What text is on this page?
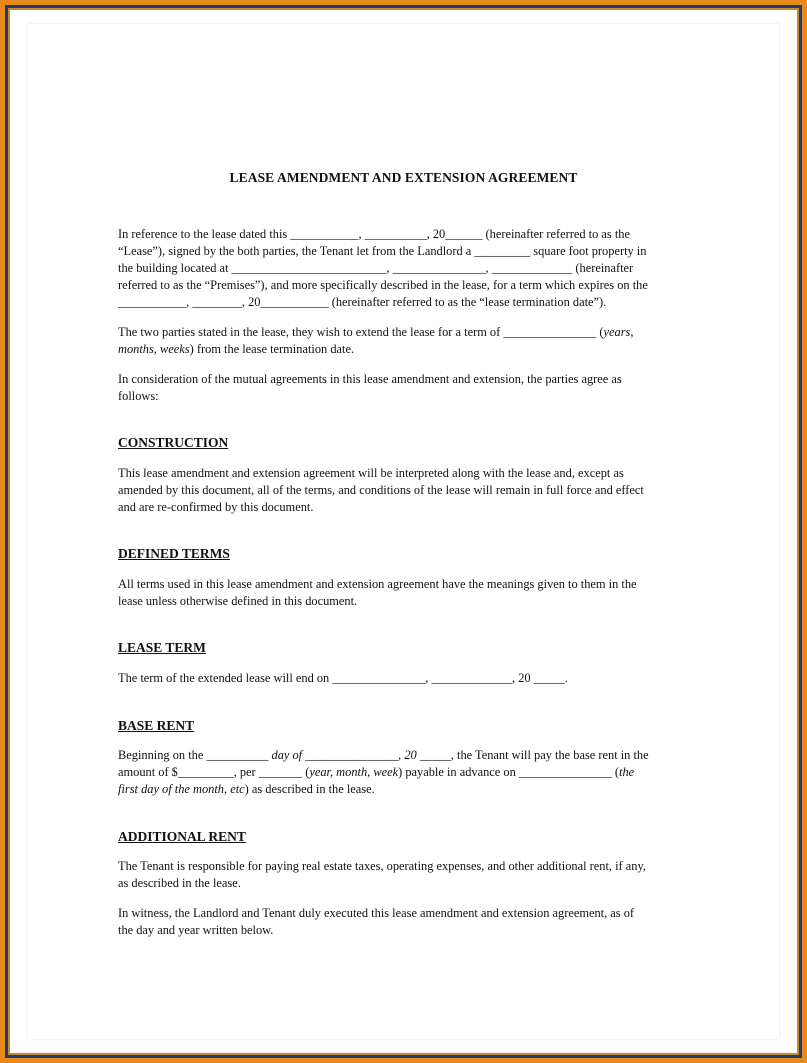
LEASE AMENDMENT AND EXTENSION AGREEMENT
In reference to the lease dated this ___________, __________, 20______ (hereinafter referred to as the
“Lease”), signed by the both parties, the Tenant let from the Landlord a _________ square foot property in
the building located at _________________________, _______________, _____________ (hereinafter
referred to as the “Premises”), and more specifically described in the lease, for a term which expires on the
___________, ________, 20___________ (hereinafter referred to as the “lease termination date”).
The two parties stated in the lease, they wish to extend the lease for a term of _______________ (years,
months, weeks) from the lease termination date.
In consideration of the mutual agreements in this lease amendment and extension, the parties agree as
follows:
CONSTRUCTION
This lease amendment and extension agreement will be interpreted along with the lease and, except as
amended by this document, all of the terms, and conditions of the lease will remain in full force and effect
and are re-confirmed by this document.
DEFINED TERMS
All terms used in this lease amendment and extension agreement have the meanings given to them in the
lease unless otherwise defined in this document.
LEASE TERM
The term of the extended lease will end on _______________, _____________, 20 _____.
BASE RENT
Beginning on the __________ day of _______________, 20 _____, the Tenant will pay the base rent in the
amount of $_________, per _______ (year, month, week) payable in advance on _______________ (the
first day of the month, etc) as described in the lease.
ADDITIONAL RENT
The Tenant is responsible for paying real estate taxes, operating expenses, and other additional rent, if any,
as described in the lease.
In witness, the Landlord and Tenant duly executed this lease amendment and extension agreement, as of
the day and year written below.
